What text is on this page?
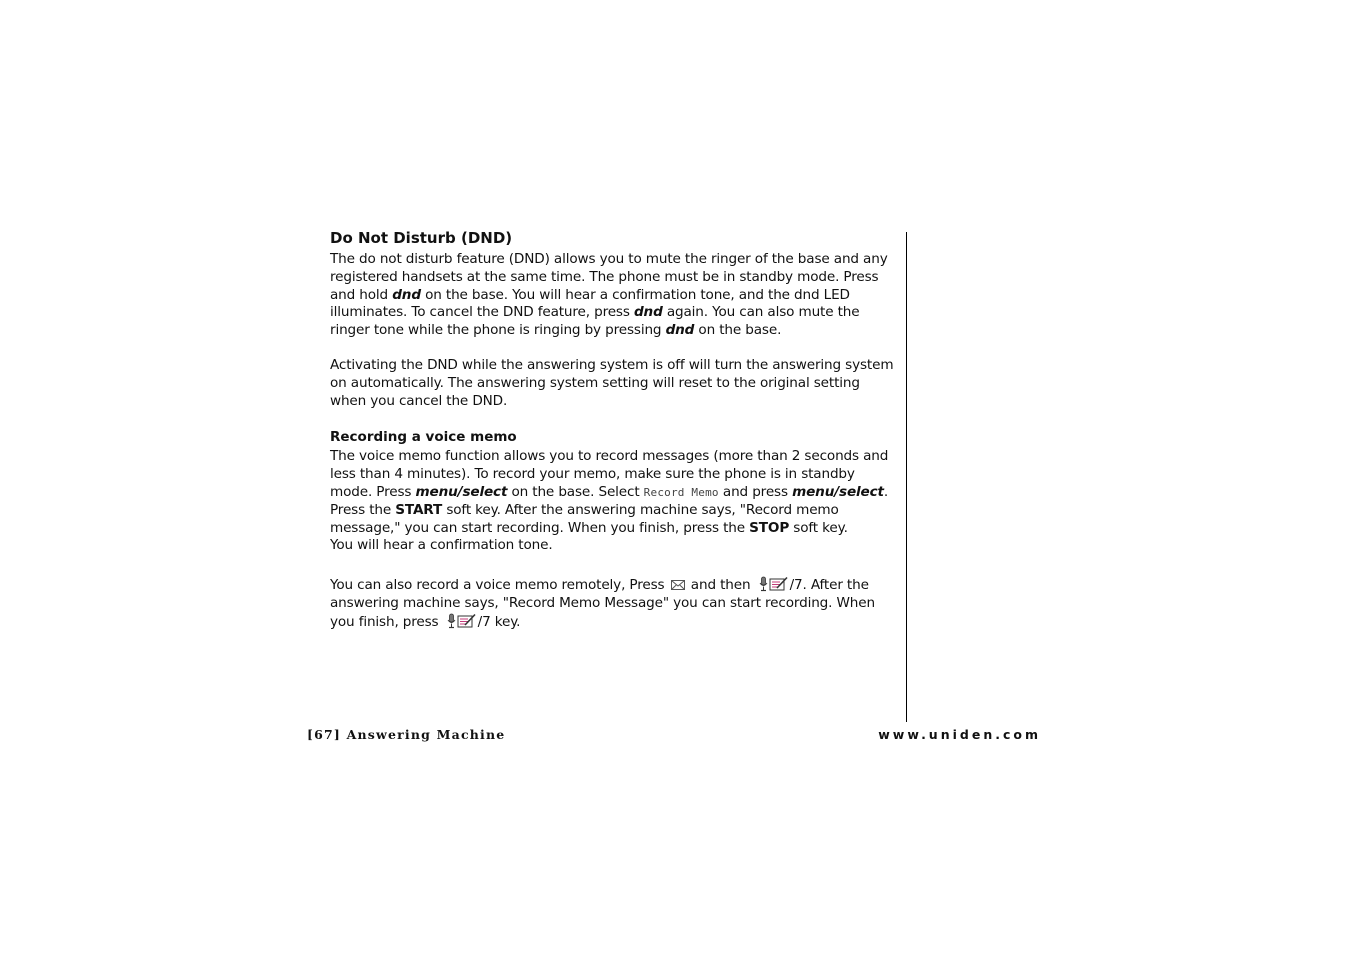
Do Not Disturb (DND)

The do not disturb feature (DND) allows you to mute the ringer of the base and any registered handsets at the same time. The phone must be in standby mode. Press and hold dnd on the base. You will hear a confirmation tone, and the dnd LED illuminates. To cancel the DND feature, press dnd again. You can also mute the ringer tone while the phone is ringing by pressing dnd on the base.

Activating the DND while the answering system is off will turn the answering system on automatically. The answering system setting will reset to the original setting when you cancel the DND.

Recording a voice memo

The voice memo function allows you to record messages (more than 2 seconds and less than 4 minutes). To record your memo, make sure the phone is in standby mode. Press menu/select on the base. Select Record Memo and press menu/select. Press the START soft key. After the answering machine says, "Record memo message," you can start recording. When you finish, press the STOP soft key.
You will hear a confirmation tone.

You can also record a voice memo remotely, Press  and then	/7. After the answering machine says, "Record Memo Message" you can start recording. When you finish, press	/7 key.

[67] Answering Machine	www.uniden.com
